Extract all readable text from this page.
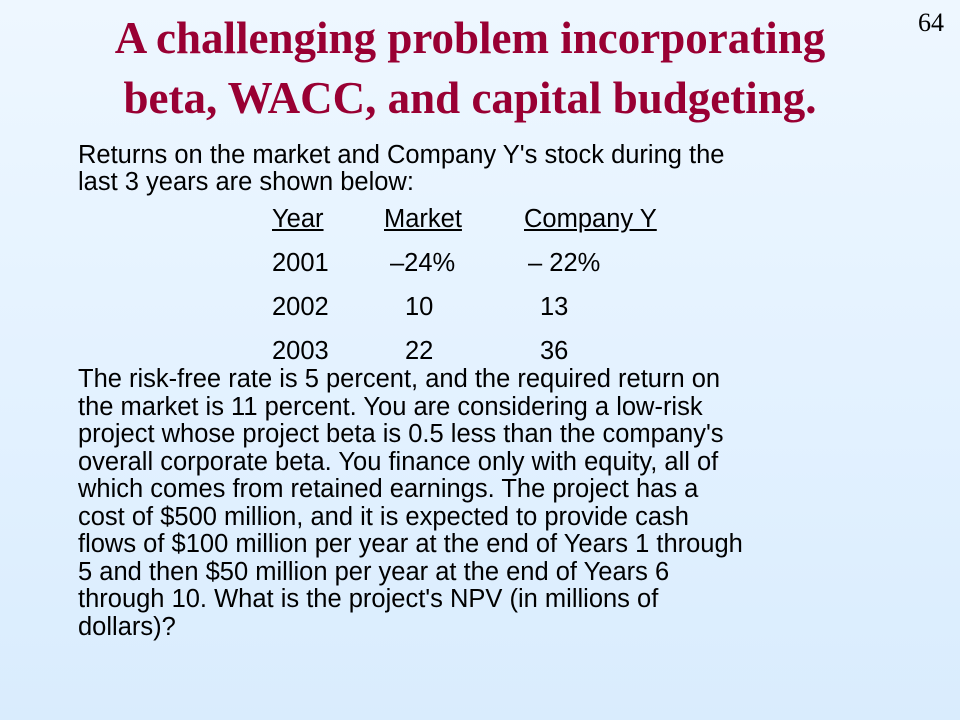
64
A challenging problem incorporating
beta, WACC, and capital budgeting.
Returns on the market and Company Y's stock during the
last 3 years are shown below:
Year Market Company Y
2001 –24%	– 22%
2002	10	13
2003	22	36
The risk-free rate is 5 percent, and the required return on
the market is 11 percent. You are considering a low-risk
project whose project beta is 0.5 less than the company's
overall corporate beta. You finance only with equity, all of
which comes from retained earnings. The project has a
cost of $500 million, and it is expected to provide cash
flows of $100 million per year at the end of Years 1 through
5 and then $50 million per year at the end of Years 6
through 10. What is the project's NPV (in millions of
dollars)?
